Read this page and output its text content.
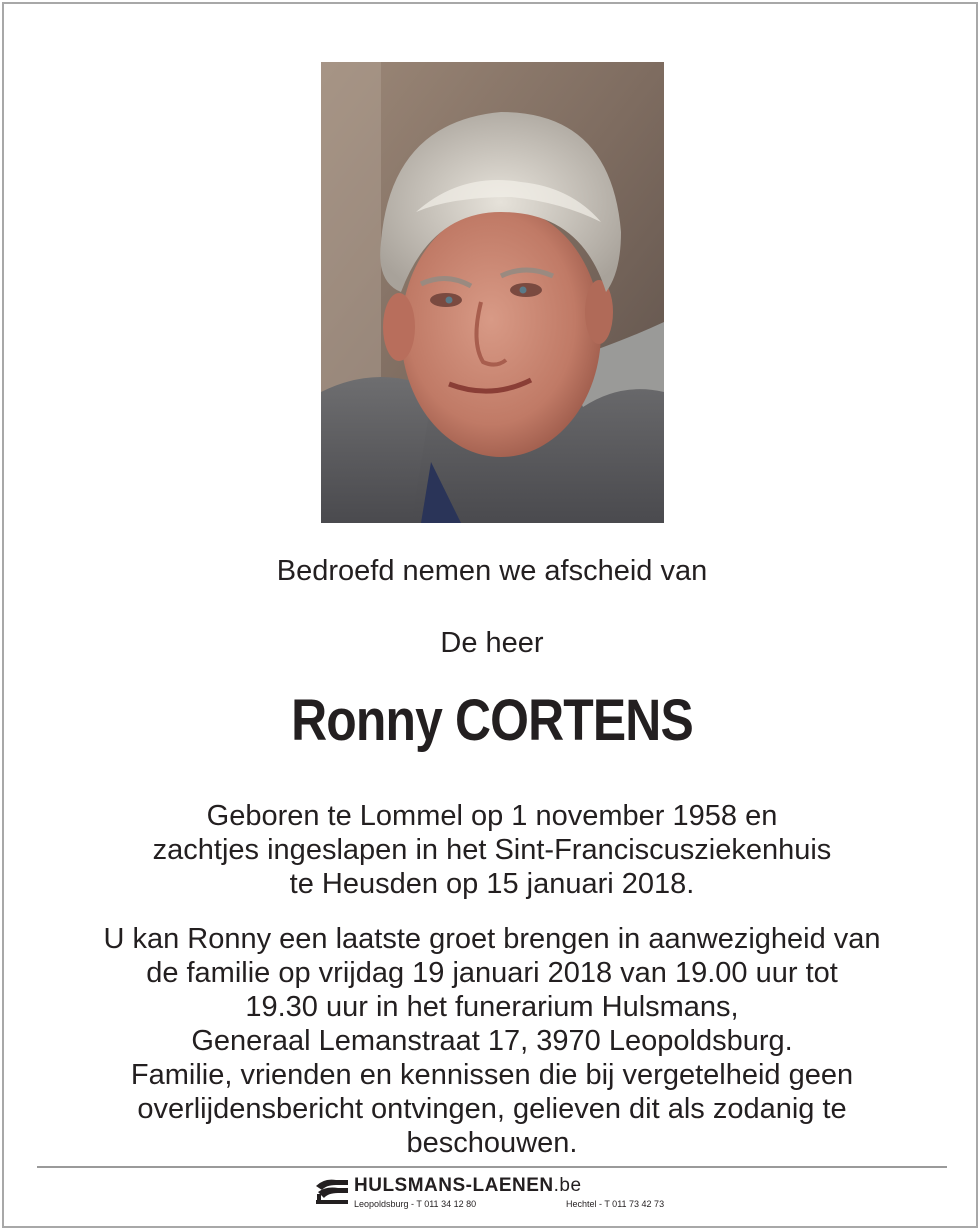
Bedroefd nemen we afscheid van
De heer
Ronny CORTENS
Geboren te Lommel op 1 november 1958 en
zachtjes ingeslapen in het Sint-Franciscusziekenhuis
te Heusden op 15 januari 2018.
U kan Ronny een laatste groet brengen in aanwezigheid van
de familie op vrijdag 19 januari 2018 van 19.00 uur tot
19.30 uur in het funerarium Hulsmans,
Generaal Lemanstraat 17, 3970 Leopoldsburg.
Familie, vrienden en kennissen die bij vergetelheid geen
overlijdensbericht ontvingen, gelieven dit als zodanig te
beschouwen.
HULSMANS-LAENEN.be
Leopoldsburg - T 011 34 12 80	Hechtel - T 011 73 42 73
